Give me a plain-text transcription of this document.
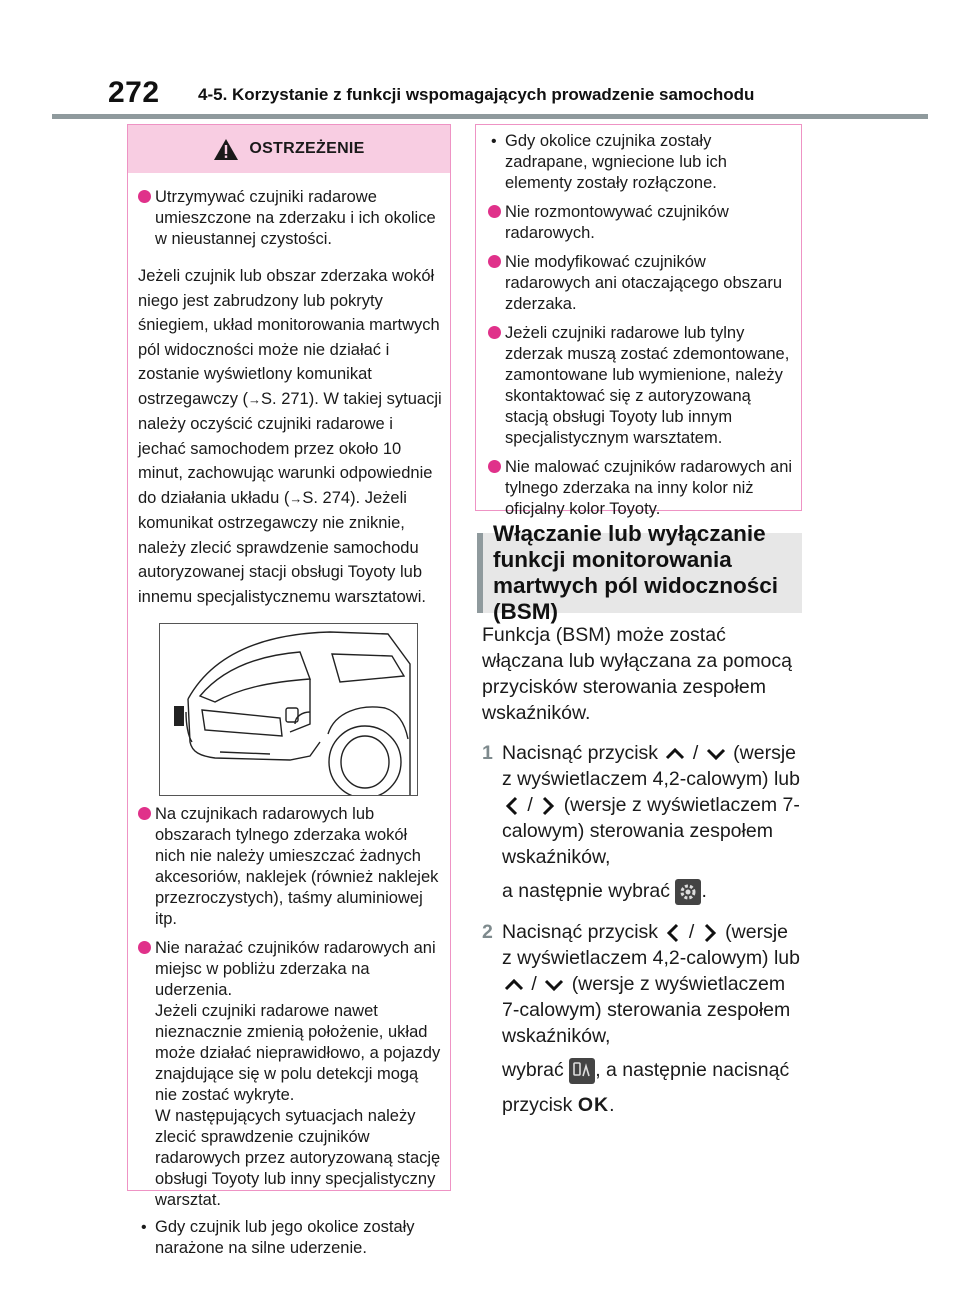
272 4-5. Korzystanie z funkcji wspomagających prowadzenie samochodu
OSTRZEŻENIE
Utrzymywać czujniki radarowe umieszczone na zderzaku i ich okolice w nieustannej czystości.
Jeżeli czujnik lub obszar zderzaka wokół niego jest zabrudzony lub pokryty śniegiem, układ monitorowania martwych pól widoczności może nie działać i zostanie wyświetlony komunikat ostrzegawczy (→S. 271). W takiej sytuacji należy oczyścić czujniki radarowe i jechać samochodem przez około 10 minut, zachowując warunki odpowiednie do działania układu (→S. 274). Jeżeli komunikat ostrzegawczy nie zniknie, należy zlecić sprawdzenie samochodu autoryzowanej stacji obsługi Toyoty lub innemu specjalistycznemu warsztatowi.
Na czujnikach radarowych lub obszarach tylnego zderzaka wokół nich nie należy umieszczać żadnych akcesoriów, naklejek (również naklejek przezroczystych), taśmy aluminiowej itp.
Nie narażać czujników radarowych ani miejsc w pobliżu zderzaka na uderzenia.
Jeżeli czujniki radarowe nawet nieznacznie zmienią położenie, układ może działać nieprawidłowo, a pojazdy znajdujące się w polu detekcji mogą nie zostać wykryte.
W następujących sytuacjach należy zlecić sprawdzenie czujników radarowych przez autoryzowaną stację obsługi Toyoty lub inny specjalistyczny warsztat.
• Gdy czujnik lub jego okolice zostały narażone na silne uderzenie.
• Gdy okolice czujnika zostały zadrapane, wgniecione lub ich elementy zostały rozłączone.
Nie rozmontowywać czujników radarowych.
Nie modyfikować czujników radarowych ani otaczającego obszaru zderzaka.
Jeżeli czujniki radarowe lub tylny zderzak muszą zostać zdemontowane, zamontowane lub wymienione, należy skontaktować się z autoryzowaną stacją obsługi Toyoty lub innym specjalistycznym warsztatem.
Nie malować czujników radarowych ani tylnego zderzaka na inny kolor niż oficjalny kolor Toyoty.
Włączanie lub wyłączanie funkcji monitorowania martwych pól widoczności (BSM)
Funkcja (BSM) może zostać włączana lub wyłączana za pomocą przycisków sterowania zespołem wskaźników.
1 Nacisnąć przycisk / (wersje z wyświetlaczem 4,2-calowym) lub  / (wersje z wyświetlaczem 7-calowym) sterowania zespołem wskaźników,
a następnie wybrać .
2 Nacisnąć przycisk / (wersje z wyświetlaczem 4,2-calowym) lub  / (wersje z wyświetlaczem 7-calowym) sterowania zespołem wskaźników,
wybrać , a następnie nacisnąć
przycisk OK.
